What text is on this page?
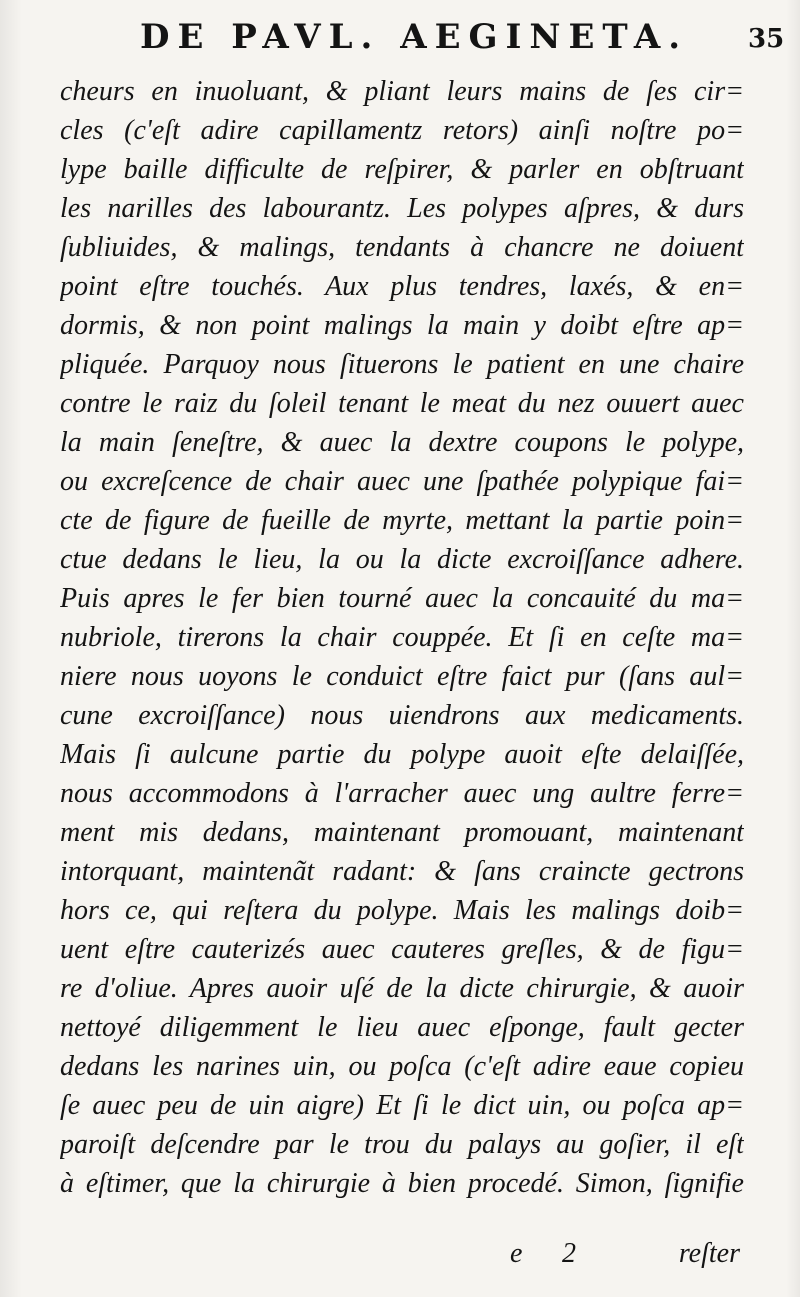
DE PAVL. AEGINETA.	35
cheurs en inuoluant, & pliant leurs mains de ſes cir=
cles (c'eſt adire capillamentz retors) ainſi noſtre po=
lype baille difficulte de reſpirer, & parler en obſtruant
les narilles des labourantz. Les polypes aſpres, & durs
ſubliuides, & malings, tendants à chancre ne doiuent
point eſtre touchés. Aux plus tendres, laxés, & en=
dormis, & non point malings la main y doibt eſtre ap=
pliquée. Parquoy nous ſituerons le patient en une chaire
contre le raiz du ſoleil tenant le meat du nez ouuert auec
la main ſeneſtre, & auec la dextre coupons le polype,
ou excreſcence de chair auec une ſpathée polypique fai=
cte de figure de fueille de myrte, mettant la partie poin=
ctue dedans le lieu, la ou la dicte excroiſſance adhere.
Puis apres le fer bien tourné auec la concauité du ma=
nubriole, tirerons la chair couppée. Et ſi en ceſte ma=
niere nous uoyons le conduict eſtre faict pur (ſans aul=
cune excroiſſance) nous uiendrons aux medicaments.
Mais ſi aulcune partie du polype auoit eſte delaiſſée,
nous accommodons à l'arracher auec ung aultre ferre=
ment mis dedans, maintenant promouant, maintenant
intorquant, maintenãt radant: & ſans craincte gectrons
hors ce, qui reſtera du polype. Mais les malings doib=
uent eſtre cauterizés auec cauteres greſles, & de figu=
re d'oliue. Apres auoir uſé de la dicte chirurgie, & auoir
nettoyé diligemment le lieu auec eſponge, fault gecter
dedans les narines uin, ou poſca (c'eſt adire eaue copieu
ſe auec peu de uin aigre) Et ſi le dict uin, ou poſca ap=
paroiſt deſcendre par le trou du palays au goſier, il eſt
à eſtimer, que la chirurgie à bien procedé. Simon, ſignifie
e 2	reſter
